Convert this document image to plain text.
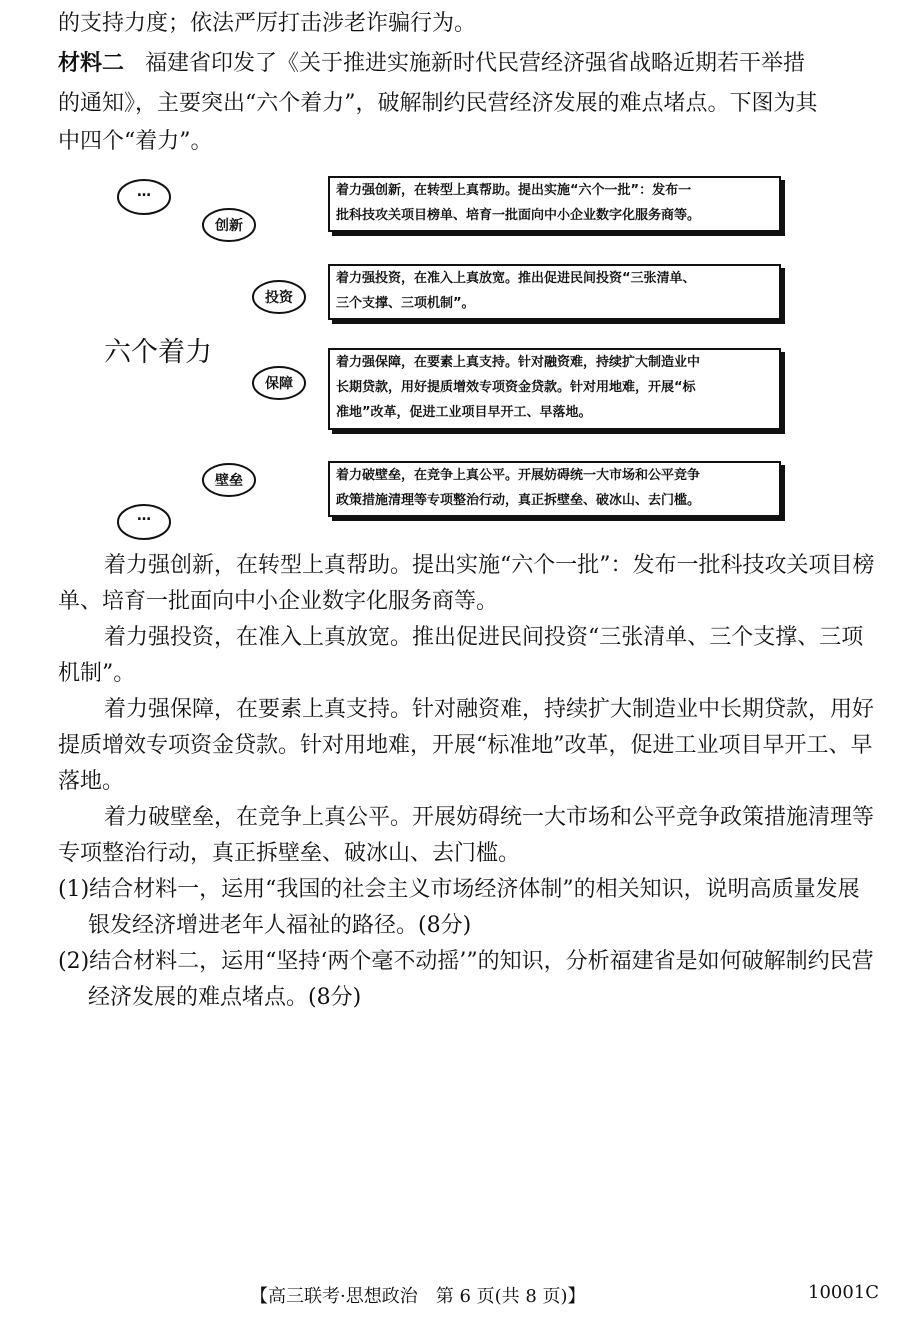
的支持力度；依法严厉打击涉老诈骗行为。
材料二 福建省印发了《关于推进实施新时代民营经济强省战略近期若干举措
的通知》，主要突出“六个着力”，破解制约民营经济发展的难点堵点。下图为其
中四个“着力”。
…
…
创新
投资
保障
壁垒
六个着力
着力强创新，在转型上真帮助。提出实施“六个一批”：发布一
批科技攻关项目榜单、培育一批面向中小企业数字化服务商等。
着力强投资，在准入上真放宽。推出促进民间投资“三张清单、
三个支撑、三项机制”。
着力强保障，在要素上真支持。针对融资难，持续扩大制造业中
长期贷款，用好提质增效专项资金贷款。针对用地难，开展“标
准地”改革，促进工业项目早开工、早落地。
着力破壁垒，在竞争上真公平。开展妨碍统一大市场和公平竞争
政策措施清理等专项整治行动，真正拆壁垒、破冰山、去门槛。

着力强创新，在转型上真帮助。提出实施“六个一批”：发布一批科技攻关项目榜单、培育一批面向中小企业数字化服务商等。

着力强投资，在准入上真放宽。推出促进民间投资“三张清单、三个支撑、三项机制”。

着力强保障，在要素上真支持。针对融资难，持续扩大制造业中长期贷款，用好提质增效专项资金贷款。针对用地难，开展“标准地”改革，促进工业项目早开工、早落地。

着力破壁垒，在竞争上真公平。开展妨碍统一大市场和公平竞争政策措施清理等专项整治行动，真正拆壁垒、破冰山、去门槛。

(1)结合材料一，运用“我国的社会主义市场经济体制”的相关知识，说明高质量发展银发经济增进老年人福祉的路径。(8分)

(2)结合材料二，运用“坚持‘两个毫不动摇’”的知识，分析福建省是如何破解制约民营经济发展的难点堵点。(8分)

【高三联考·思想政治　第 6 页(共 8 页)】	10001C
